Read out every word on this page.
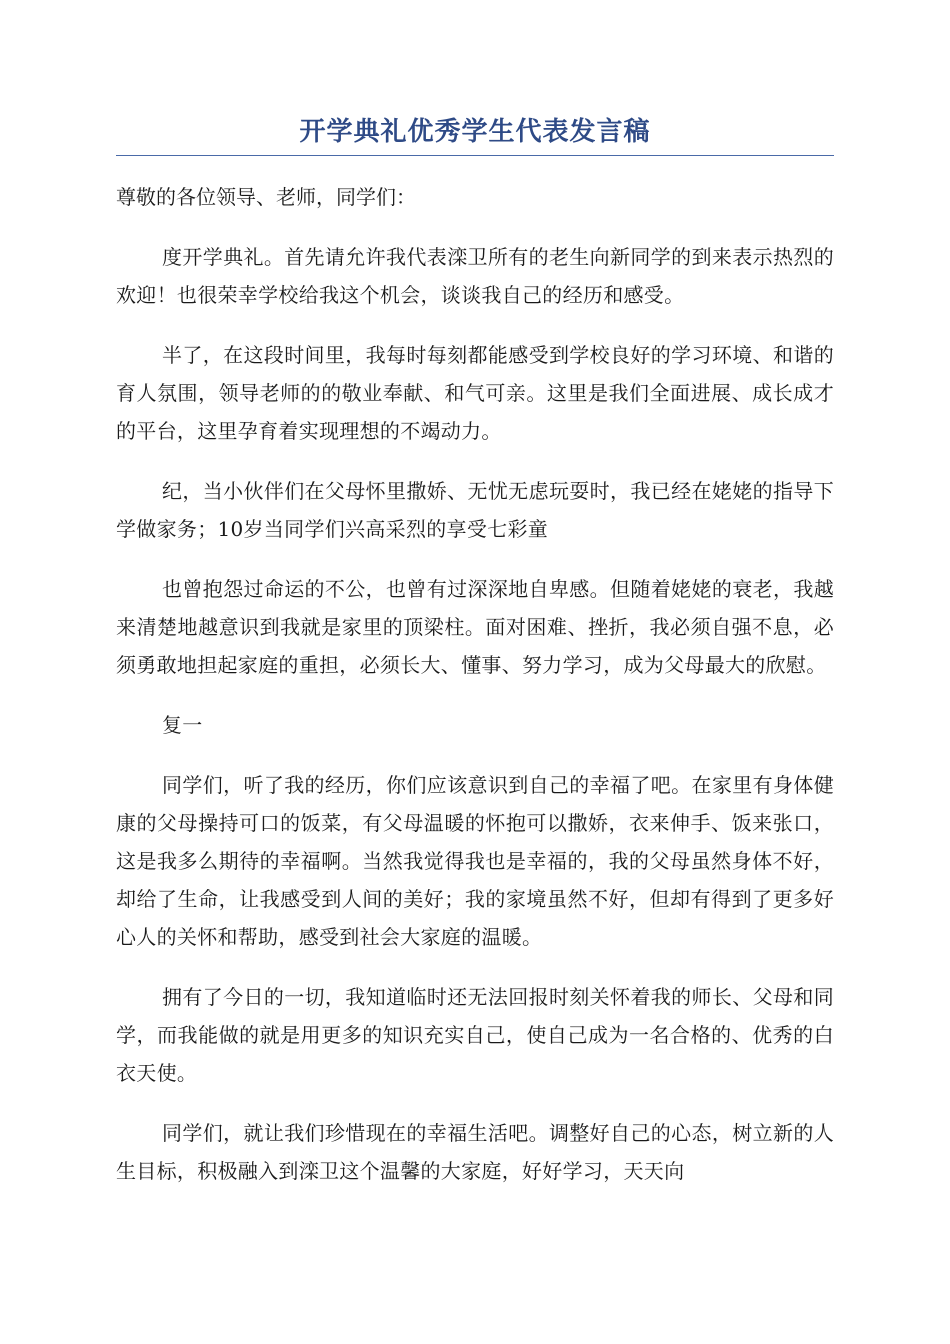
开学典礼优秀学生代表发言稿
尊敬的各位领导、老师，同学们：
度开学典礼。首先请允许我代表滦卫所有的老生向新同学的到来表示热烈的欢迎！也很荣幸学校给我这个机会，谈谈我自己的经历和感受。
半了，在这段时间里，我每时每刻都能感受到学校良好的学习环境、和谐的育人氛围，领导老师的的敬业奉献、和气可亲。这里是我们全面进展、成长成才的平台，这里孕育着实现理想的不竭动力。
纪，当小伙伴们在父母怀里撒娇、无忧无虑玩耍时，我已经在姥姥的指导下学做家务；10岁当同学们兴高采烈的享受七彩童
也曾抱怨过命运的不公，也曾有过深深地自卑感。但随着姥姥的衰老，我越来清楚地越意识到我就是家里的顶梁柱。面对困难、挫折，我必须自强不息，必须勇敢地担起家庭的重担，必须长大、懂事、努力学习，成为父母最大的欣慰。
复一
同学们，听了我的经历，你们应该意识到自己的幸福了吧。在家里有身体健康的父母操持可口的饭菜，有父母温暖的怀抱可以撒娇，衣来伸手、饭来张口，这是我多么期待的幸福啊。当然我觉得我也是幸福的，我的父母虽然身体不好，却给了生命，让我感受到人间的美好；我的家境虽然不好，但却有得到了更多好心人的关怀和帮助，感受到社会大家庭的温暖。
拥有了今日的一切，我知道临时还无法回报时刻关怀着我的师长、父母和同学，而我能做的就是用更多的知识充实自己，使自己成为一名合格的、优秀的白衣天使。
同学们，就让我们珍惜现在的幸福生活吧。调整好自己的心态，树立新的人生目标，积极融入到滦卫这个温馨的大家庭，好好学习，天天向
